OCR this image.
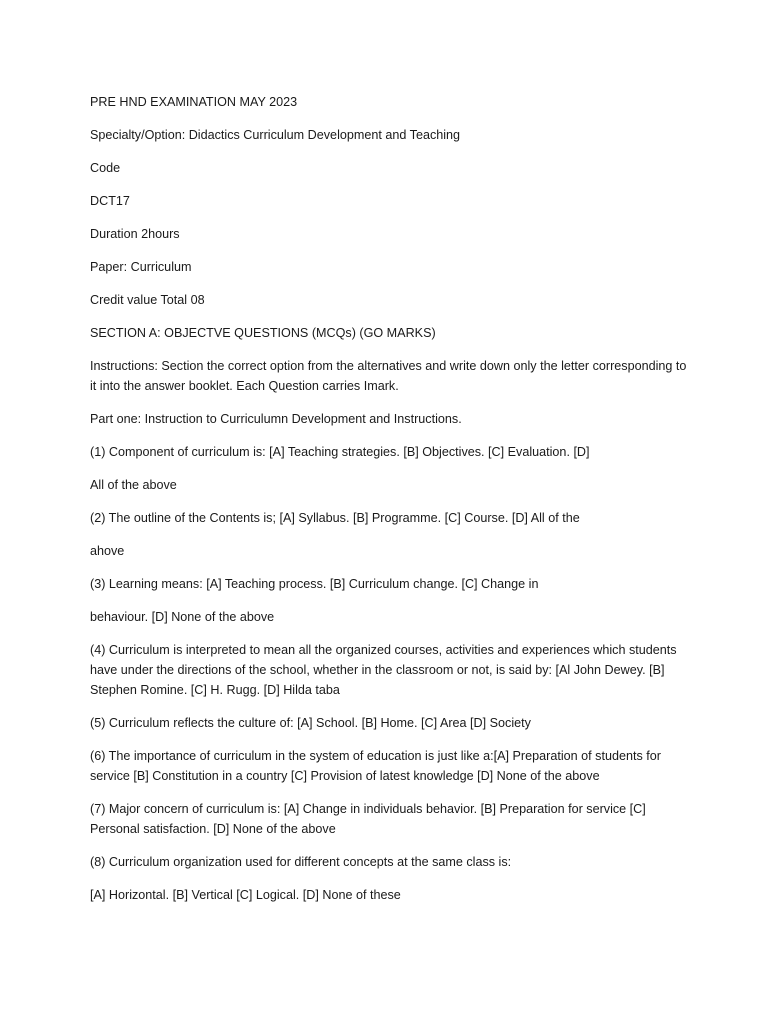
PRE HND EXAMINATION MAY 2023

Specialty/Option: Didactics Curriculum Development and Teaching

Code

DCT17

Duration 2hours

Paper: Curriculum

Credit value Total 08

SECTION A: OBJECTVE QUESTIONS (MCQs) (GO MARKS)

Instructions: Section the correct option from the alternatives and write down only the letter corresponding to it into the answer booklet. Each Question carries Imark.

Part one: Instruction to Curriculumn Development and Instructions.

(1) Component of curriculum is: [A] Teaching strategies. [B] Objectives. [C] Evaluation. [D]

All of the above

(2) The outline of the Contents is; [A] Syllabus. [B] Programme. [C] Course. [D] All of the

ahove

(3) Learning means: [A] Teaching process. [B] Curriculum change. [C] Change in

behaviour. [D] None of the above

(4) Curriculum is interpreted to mean all the organized courses, activities and experiences which students have under the directions of the school, whether in the classroom or not, is said by: [Al John Dewey. [B] Stephen Romine. [C] H. Rugg. [D] Hilda taba

(5) Curriculum reflects the culture of: [A] School. [B] Home. [C] Area [D] Society

(6) The importance of curriculum in the system of education is just like a:[A] Preparation of students for service [B] Constitution in a country [C] Provision of latest knowledge [D] None of the above

(7) Major concern of curriculum is: [A] Change in individuals behavior. [B] Preparation for service [C] Personal satisfaction. [D] None of the above

(8) Curriculum organization used for different concepts at the same class is:

[A] Horizontal. [B] Vertical [C] Logical. [D] None of these
